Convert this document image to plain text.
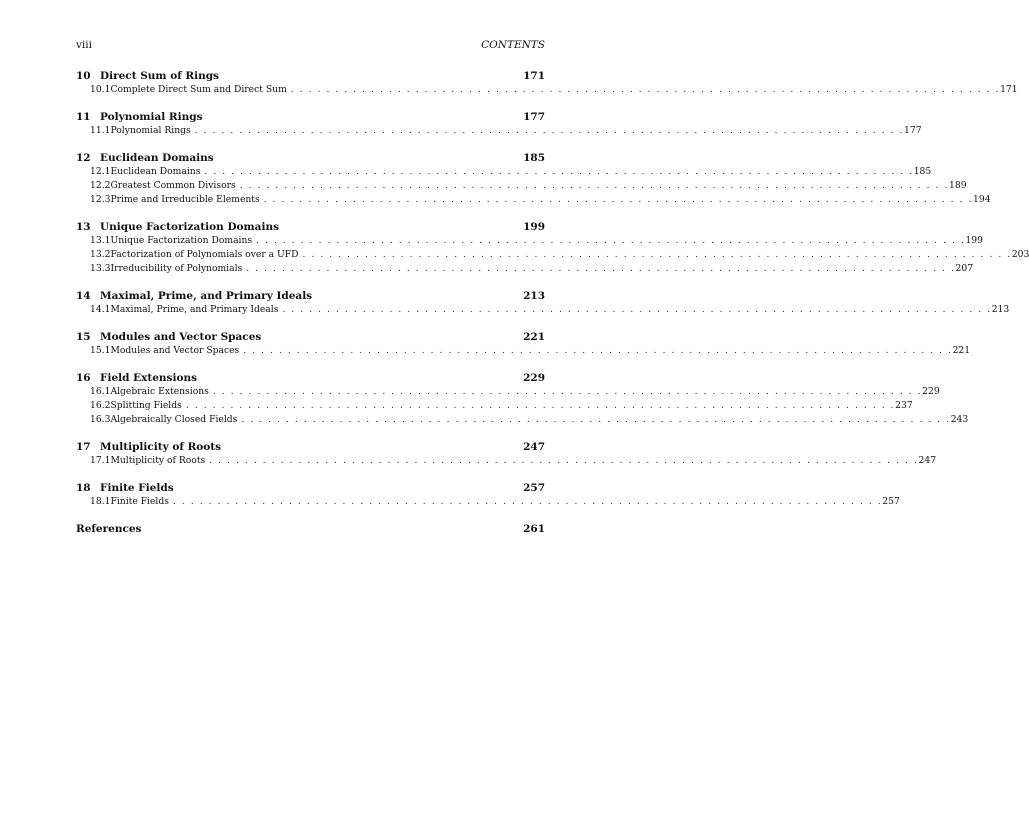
viii	CONTENTS
10 Direct Sum of Rings	171
10.1 Complete Direct Sum and Direct Sum . . . . . . . . . . . . . . . . . . . . . . . . . . . . . . . . . . . . . . . . . . . . . . . . . . . . . . . . . . . . . . . . . . . . . . . . . . . . . . . . 171
11 Polynomial Rings	177
11.1 Polynomial Rings . . . . . . . . . . . . . . . . . . . . . . . . . . . . . . . . . . . . . . . . . . . . . . . . . . . . . . . . . . . . . . . . . . . . . . . . . . . . . . . . 177
12 Euclidean Domains	185
12.1 Euclidean Domains . . . . . . . . . . . . . . . . . . . . . . . . . . . . . . . . . . . . . . . . . . . . . . . . . . . . . . . . . . . . . . . . . . . . . . . . . . . . . . . . 185
12.2 Greatest Common Divisors . . . . . . . . . . . . . . . . . . . . . . . . . . . . . . . . . . . . . . . . . . . . . . . . . . . . . . . . . . . . . . . . . . . . . . . . . . . . . . . . 189
12.3 Prime and Irreducible Elements . . . . . . . . . . . . . . . . . . . . . . . . . . . . . . . . . . . . . . . . . . . . . . . . . . . . . . . . . . . . . . . . . . . . . . . . . . . . . . . . 194
13 Unique Factorization Domains	199
13.1 Unique Factorization Domains . . . . . . . . . . . . . . . . . . . . . . . . . . . . . . . . . . . . . . . . . . . . . . . . . . . . . . . . . . . . . . . . . . . . . . . . . . . . . . . . 199
13.2 Factorization of Polynomials over a UFD . . . . . . . . . . . . . . . . . . . . . . . . . . . . . . . . . . . . . . . . . . . . . . . . . . . . . . . . . . . . . . . . . . . . . . . . . . . . . . . . 203
13.3 Irreducibility of Polynomials . . . . . . . . . . . . . . . . . . . . . . . . . . . . . . . . . . . . . . . . . . . . . . . . . . . . . . . . . . . . . . . . . . . . . . . . . . . . . . . . 207
14 Maximal, Prime, and Primary Ideals	213
14.1 Maximal, Prime, and Primary Ideals . . . . . . . . . . . . . . . . . . . . . . . . . . . . . . . . . . . . . . . . . . . . . . . . . . . . . . . . . . . . . . . . . . . . . . . . . . . . . . . . 213
15 Modules and Vector Spaces	221
15.1 Modules and Vector Spaces . . . . . . . . . . . . . . . . . . . . . . . . . . . . . . . . . . . . . . . . . . . . . . . . . . . . . . . . . . . . . . . . . . . . . . . . . . . . . . . . 221
16 Field Extensions	229
16.1 Algebraic Extensions . . . . . . . . . . . . . . . . . . . . . . . . . . . . . . . . . . . . . . . . . . . . . . . . . . . . . . . . . . . . . . . . . . . . . . . . . . . . . . . . 229
16.2 Splitting Fields . . . . . . . . . . . . . . . . . . . . . . . . . . . . . . . . . . . . . . . . . . . . . . . . . . . . . . . . . . . . . . . . . . . . . . . . . . . . . . . . 237
16.3 Algebraically Closed Fields . . . . . . . . . . . . . . . . . . . . . . . . . . . . . . . . . . . . . . . . . . . . . . . . . . . . . . . . . . . . . . . . . . . . . . . . . . . . . . . . 243
17 Multiplicity of Roots	247
17.1 Multiplicity of Roots . . . . . . . . . . . . . . . . . . . . . . . . . . . . . . . . . . . . . . . . . . . . . . . . . . . . . . . . . . . . . . . . . . . . . . . . . . . . . . . . 247
18 Finite Fields	257
18.1 Finite Fields . . . . . . . . . . . . . . . . . . . . . . . . . . . . . . . . . . . . . . . . . . . . . . . . . . . . . . . . . . . . . . . . . . . . . . . . . . . . . . . . 257
References	261
